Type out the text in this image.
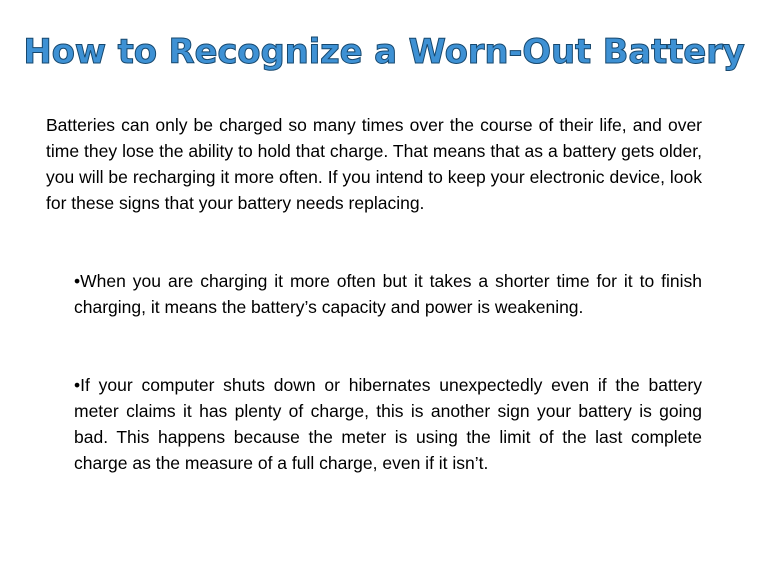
How to Recognize a Worn-Out Battery
Batteries can only be charged so many times over the course of their life, and over time they lose the ability to hold that charge. That means that as a battery gets older, you will be recharging it more often. If you intend to keep your electronic device, look for these signs that your battery needs replacing.
•When you are charging it more often but it takes a shorter time for it to finish charging, it means the battery’s capacity and power is weakening.
•If your computer shuts down or hibernates unexpectedly even if the battery meter claims it has plenty of charge, this is another sign your battery is going bad. This happens because the meter is using the limit of the last complete charge as the measure of a full charge, even if it isn’t.
